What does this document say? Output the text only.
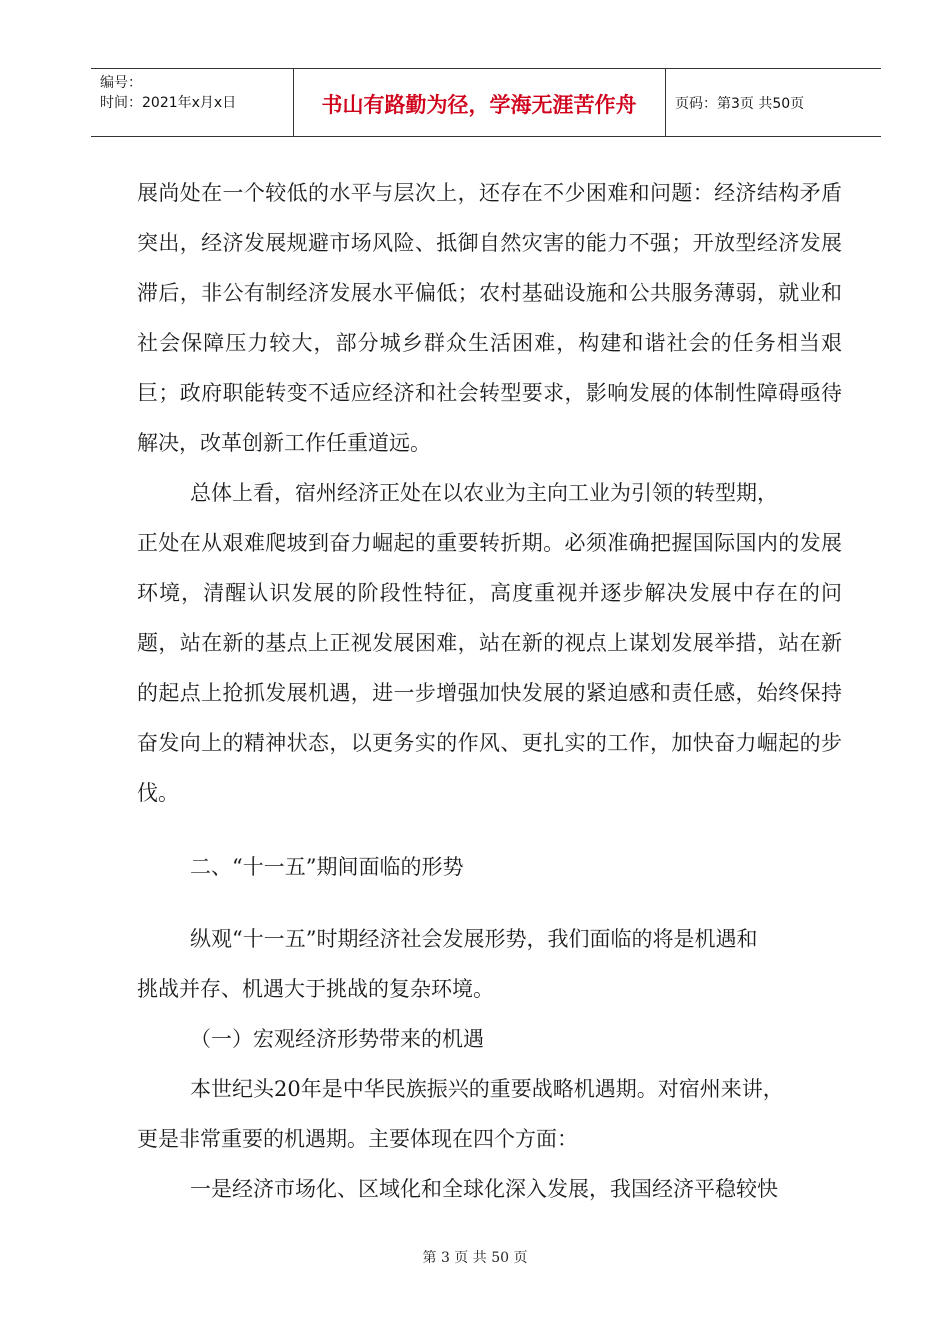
编号：
时间：2021年x月x日	书山有路勤为径，学海无涯苦作舟	页码：第3页 共50页

展尚处在一个较低的水平与层次上，还存在不少困难和问题：经济结构矛盾突出，经济发展规避市场风险、抵御自然灾害的能力不强；开放型经济发展滞后，非公有制经济发展水平偏低；农村基础设施和公共服务薄弱，就业和社会保障压力较大，部分城乡群众生活困难，构建和谐社会的任务相当艰巨；政府职能转变不适应经济和社会转型要求，影响发展的体制性障碍亟待解决，改革创新工作任重道远。

总体上看，宿州经济正处在以农业为主向工业为引领的转型期，
正处在从艰难爬坡到奋力崛起的重要转折期。必须准确把握国际国内的发展环境，清醒认识发展的阶段性特征，高度重视并逐步解决发展中存在的问题，站在新的基点上正视发展困难，站在新的视点上谋划发展举措，站在新的起点上抢抓发展机遇，进一步增强加快发展的紧迫感和责任感，始终保持奋发向上的精神状态，以更务实的作风、更扎实的工作，加快奋力崛起的步伐。

二、“十一五”期间面临的形势

纵观“十一五”时期经济社会发展形势，我们面临的将是机遇和
挑战并存、机遇大于挑战的复杂环境。

（一）宏观经济形势带来的机遇

本世纪头20年是中华民族振兴的重要战略机遇期。对宿州来讲，
更是非常重要的机遇期。主要体现在四个方面：

一是经济市场化、区域化和全球化深入发展，我国经济平稳较快

第 3 页 共 50 页
